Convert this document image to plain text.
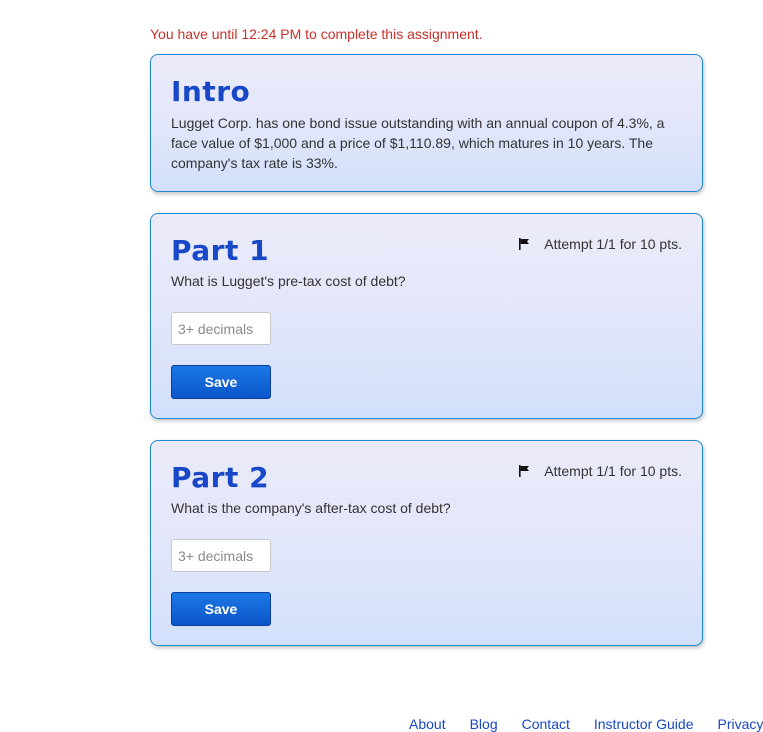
You have until 12:24 PM to complete this assignment.
Intro
Lugget Corp. has one bond issue outstanding with an annual coupon of 4.3%, a face value of $1,000 and a price of $1,110.89, which matures in 10 years. The company's tax rate is 33%.
Part 1	Attempt 1/1 for 10 pts.
What is Lugget's pre-tax cost of debt?
3+ decimals
Save
Part 2	Attempt 1/1 for 10 pts.
What is the company's after-tax cost of debt?
3+ decimals
Save
About Blog Contact Instructor Guide Privacy
